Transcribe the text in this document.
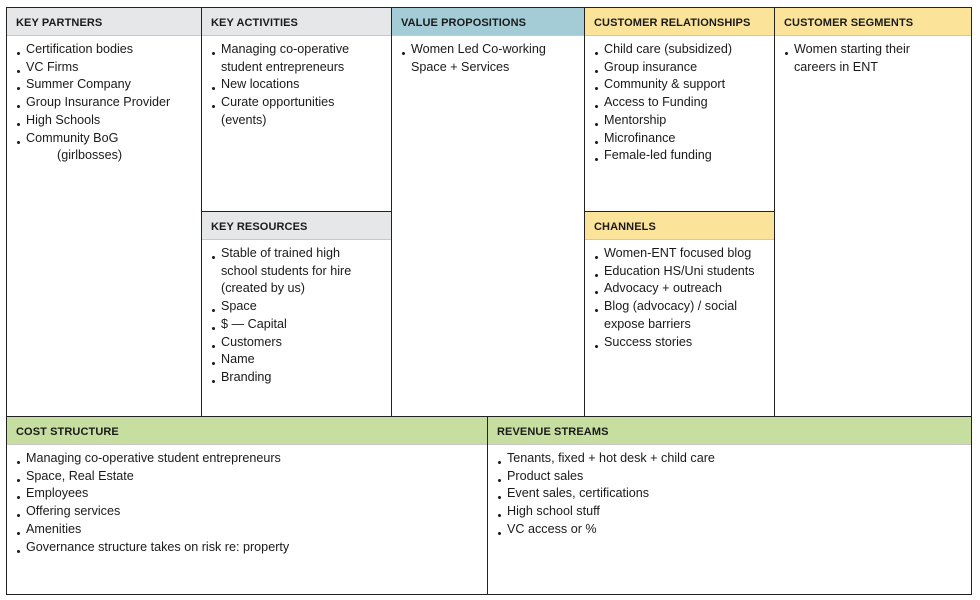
KEY PARTNERS
Certification bodies
VC Firms
Summer Company
Group Insurance Provider
High Schools
Community BoG
(girlbosses)
KEY ACTIVITIES
Managing co-operative
student entrepreneurs
New locations
Curate opportunities
(events)
KEY RESOURCES
Stable of trained high
school students for hire
(created by us)
Space
$ — Capital
Customers
Name
Branding
VALUE PROPOSITIONS
Women Led Co-working
Space + Services
CUSTOMER RELATIONSHIPS
Child care (subsidized)
Group insurance
Community & support
Access to Funding
Mentorship
Microfinance
Female-led funding
CHANNELS
Women-ENT focused blog
Education HS/Uni students
Advocacy + outreach
Blog (advocacy) / social
expose barriers
Success stories
CUSTOMER SEGMENTS
Women starting their
careers in ENT
COST STRUCTURE
Managing co-operative student entrepreneurs
Space, Real Estate
Employees
Offering services
Amenities
Governance structure takes on risk re: property
REVENUE STREAMS
Tenants, fixed + hot desk + child care
Product sales
Event sales, certifications
High school stuff
VC access or %
